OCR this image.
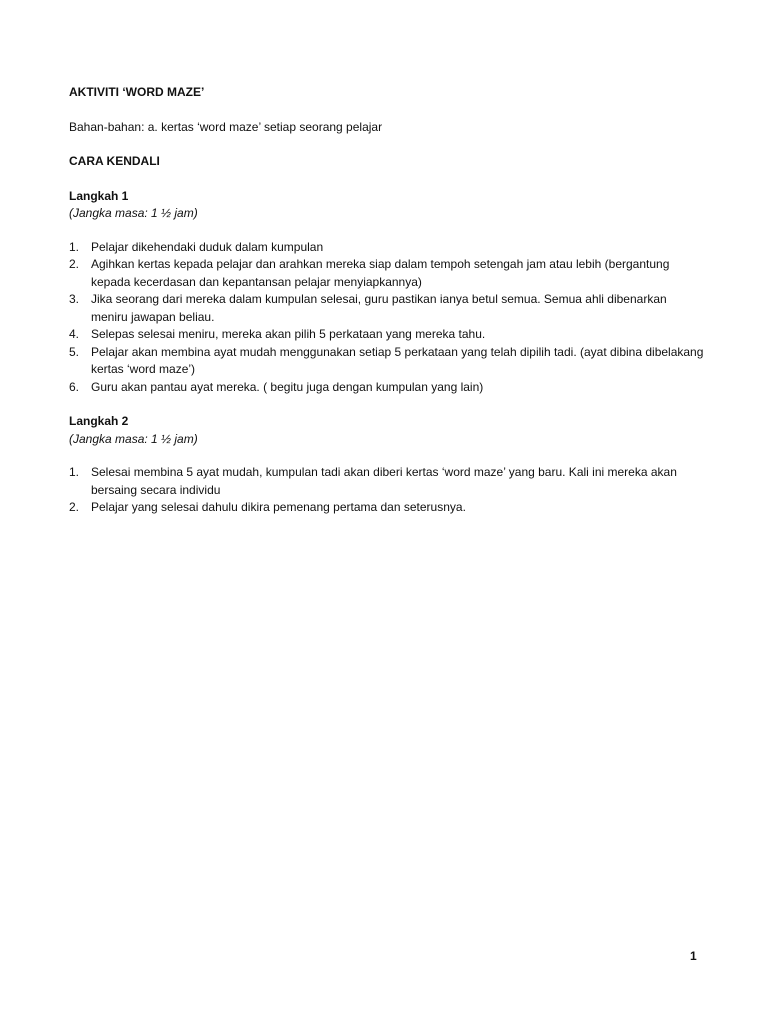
AKTIVITI ‘WORD MAZE’

Bahan-bahan: a. kertas ‘word maze’ setiap seorang pelajar

CARA KENDALI

Langkah 1

(Jangka masa: 1 ½ jam)

1. Pelajar dikehendaki duduk dalam kumpulan
2. Agihkan kertas kepada pelajar dan arahkan mereka siap dalam tempoh setengah jam atau lebih (bergantung kepada kecerdasan dan kepantansan pelajar menyiapkannya)
3. Jika seorang dari mereka dalam kumpulan selesai, guru pastikan ianya betul semua. Semua ahli dibenarkan meniru jawapan beliau.
4. Selepas selesai meniru, mereka akan pilih 5 perkataan yang mereka tahu.
5. Pelajar akan membina ayat mudah menggunakan setiap 5 perkataan yang telah dipilih tadi. (ayat dibina dibelakang kertas ‘word maze’)
6. Guru akan pantau ayat mereka. ( begitu juga dengan kumpulan yang lain)

Langkah 2

(Jangka masa: 1 ½ jam)

1. Selesai membina 5 ayat mudah, kumpulan tadi akan diberi kertas ‘word maze’ yang baru. Kali ini mereka akan bersaing secara individu
2. Pelajar yang selesai dahulu dikira pemenang pertama dan seterusnya.
1
